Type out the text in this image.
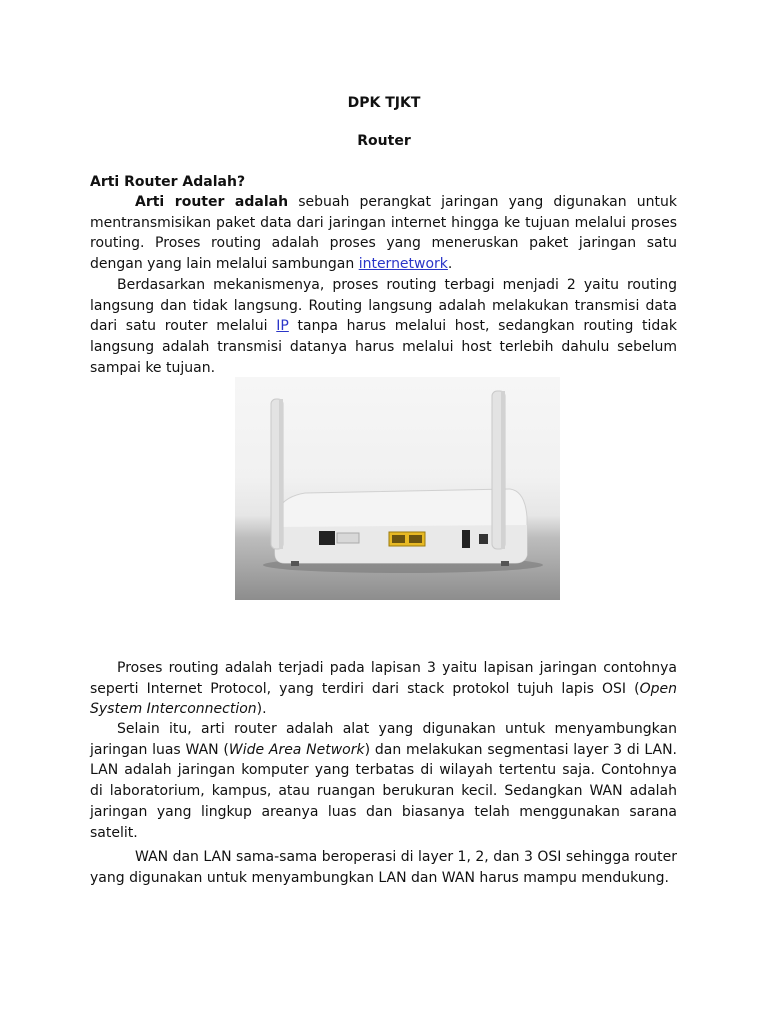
DPK TJKT
Router
Arti Router Adalah?
Arti router adalah sebuah perangkat jaringan yang digunakan untuk mentransmisikan paket data dari jaringan internet hingga ke tujuan melalui proses routing. Proses routing adalah proses yang meneruskan paket jaringan satu dengan yang lain melalui sambungan internetwork.
Berdasarkan mekanismenya, proses routing terbagi menjadi 2 yaitu routing langsung dan tidak langsung. Routing langsung adalah melakukan transmisi data dari satu router melalui IP tanpa harus melalui host, sedangkan routing tidak langsung adalah transmisi datanya harus melalui host terlebih dahulu sebelum sampai ke tujuan.
Proses routing adalah terjadi pada lapisan 3 yaitu lapisan jaringan contohnya seperti Internet Protocol, yang terdiri dari stack protokol tujuh lapis OSI (Open System Interconnection).
Selain itu, arti router adalah alat yang digunakan untuk menyambungkan jaringan luas WAN (Wide Area Network) dan melakukan segmentasi layer 3 di LAN. LAN adalah jaringan komputer yang terbatas di wilayah tertentu saja. Contohnya di laboratorium, kampus, atau ruangan berukuran kecil. Sedangkan WAN adalah jaringan yang lingkup areanya luas dan biasanya telah menggunakan sarana satelit.
WAN dan LAN sama-sama beroperasi di layer 1, 2, dan 3 OSI sehingga router yang digunakan untuk menyambungkan LAN dan WAN harus mampu mendukung.
